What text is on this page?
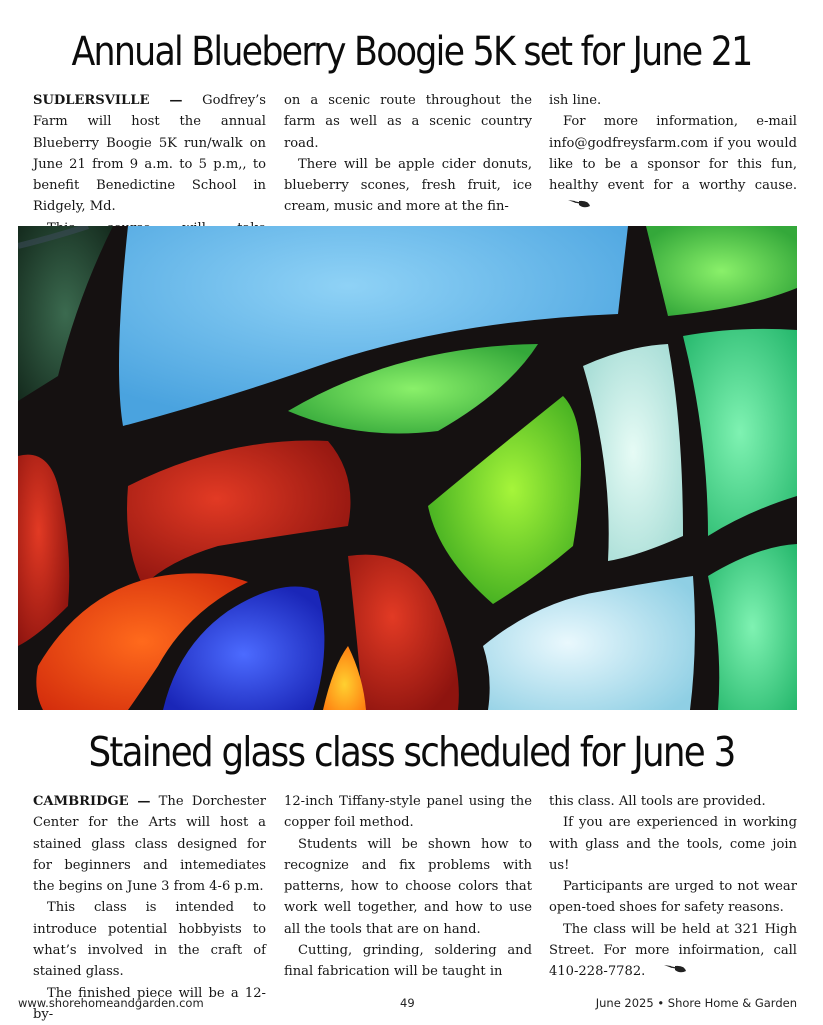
Annual Blueberry Boogie 5K set for June 21

SUDLERSVILLE — Godfrey’s Farm will host the annual Blueberry Boogie 5K run/walk on June 21 from 9 a.m. to 5 p.m,, to benefit Benedictine School in Ridgely, Md.

on a scenic route throughout the farm as well as a scenic country road.

There will be apple cider donuts, blueberry scones, fresh fruit, ice cream, music and more at the fin-

ish line.

For more information, e-mail info@godfreysfarm.com if you would like to be a sponsor for this fun, healthy event for a worthy cause.

Stained glass class scheduled for June 3

CAMBRIDGE — The Dorchester Center for the Arts will host a stained glass class designed for for beginners and intemediates the begins on June 3 from 4-6 p.m.

This class is intended to introduce potential hobbyists to what’s involved in the craft of stained glass.

The finished piece will be a 12-by-

12-inch Tiffany-style panel using the copper foil method.

Students will be shown how to recognize and fix problems with patterns, how to choose colors that work well together, and how to use all the tools that are on hand.

Cutting, grinding, soldering and final fabrication will be taught in

this class. All tools are provided.

If you are experienced in working with glass and the tools, come join us!

Participants are urged to not wear open-toed shoes for safety reasons.

The class will be held at 321 High Street. For more infoirmation, call 410-228-7782.

www.shorehomeandgarden.com	49	June 2025 • Shore Home & Garden
